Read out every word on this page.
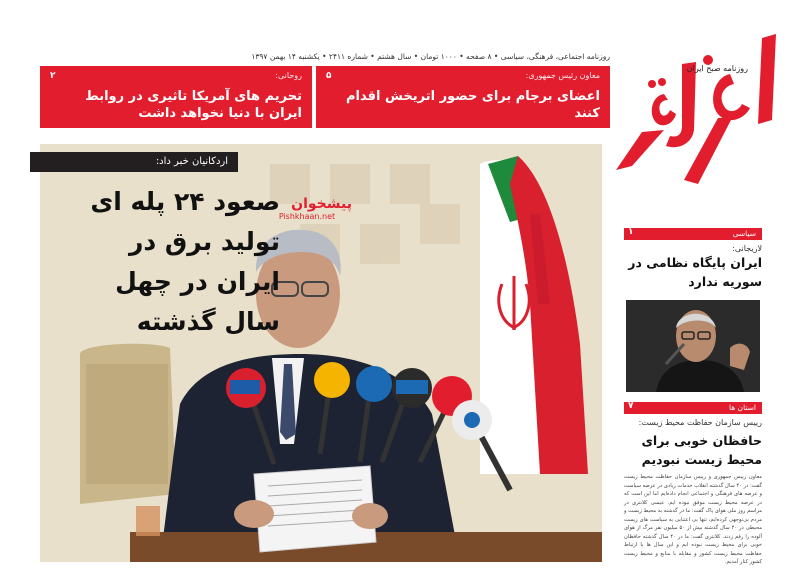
روزنامه اجتماعی، فرهنگی، سیاسی • ۸ صفحه • ۱۰۰۰ تومان • سال هشتم • شماره ۲۴۱۱ • یکشنبه ۱۴ بهمن ۱۳۹۷
معاون رئیس جمهوری:
۵
اعضای برجام برای حضور اتریخش اقدام کنند
روحانی:
۲
تحریم های آمریکا تاثیری در روابط ایران با دنیا نخواهد داشت
روزنامه صبح ایران
اردکانیان خبر داد:
صعود ۲۴ پله ای تولید برق در ایران در چهل سال گذشته
پیشخوان
Pishkhaan.net
سیاسی
۱
لاریجانی:
ایران پایگاه نظامی در سوریه ندارد
استان ها
۷
رییس سازمان حفاظت محیط زیست:
حافظان خوبی برای محیط زیست نبودیم
معاون رییس جمهوری و رییس سازمان حفاظت محیط زیست گفت: در ۴۰ سال گذشته انقلاب خدمات زیادی در عرصه سیاست و عرصه های فرهنگی و اجتماعی انجام داده‌ایم اما این است که در عرصه محیط زیست موفق نبوده ایم. عیسی کلانتری در مراسم روز ملی هوای پاک گفت: ما در گذشته به محیط زیست و مردم بی‌توجهی کرده‌ایم، تنها بی اعتنایی به سیاست های زیست محیطی در ۴۰ سال گذشته بیش از ۵۰ میلیون نفر مرگ از هوای آلوده را رقم زدند. کلانتری گفت: ما در ۴۰ سال گذشته حافظان خوبی برای محیط زیست نبوده ایم و این سال ها با ارتباط حفاظت محیط زیست کشور و مقابله با منابع و محیط زیست کشور کنار آمدیم.
